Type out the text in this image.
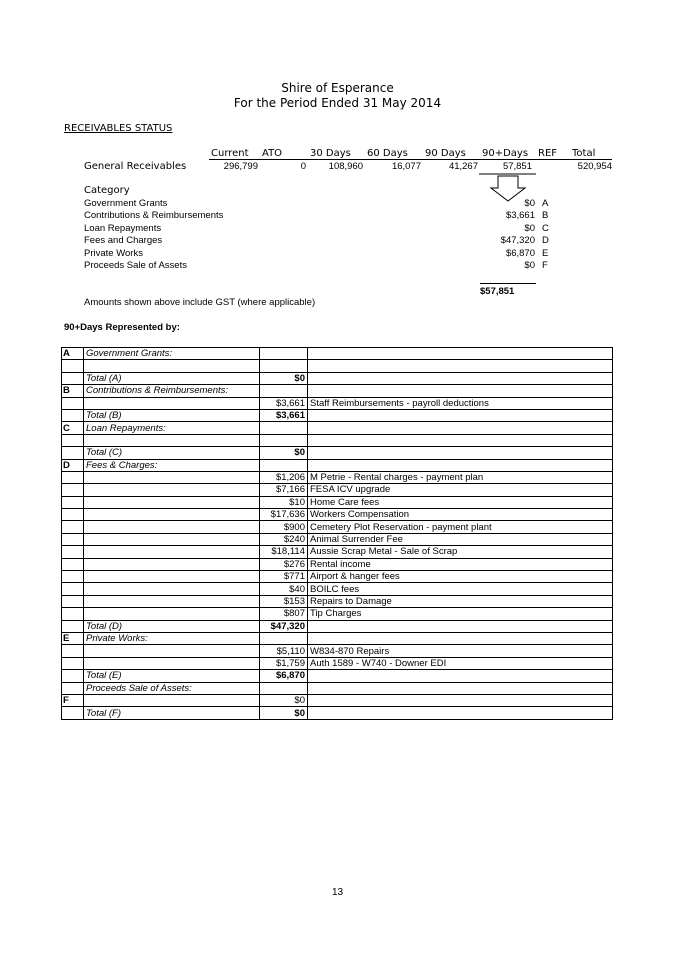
Shire of Esperance
For the Period Ended 31 May 2014
RECEIVABLES STATUS
Current ATO	30 Days 60 Days 90 Days 90+Days REF Total
General Receivables	296,799	0	108,960	16,077	41,267	57,851	520,954
Category
Government Grants	$0 A
Contributions & Reimbursements	$3,661 B
Loan Repayments	$0 C
Fees and Charges	$47,320 D
Private Works	$6,870 E
Proceeds Sale of Assets	$0 F
$57,851
Amounts shown above include GST (where applicable)
90+Days Represented by:
A	Government Grants:		

	Total (A)	$0	
B	Contributions & Reimbursements:		
		$3,661	Staff Reimbursements - payroll deductions
	Total (B)	$3,661	
C	Loan Repayments:		

	Total (C)	$0	
D	Fees & Charges:		
		$1,206	M Petrie - Rental charges - payment plan
		$7,166	FESA ICV upgrade
		$10	Home Care fees
		$17,636	Workers Compensation
		$900	Cemetery Plot Reservation - payment plant
		$240	Animal Surrender Fee
		$18,114	Aussie Scrap Metal - Sale of Scrap
		$276	Rental income
		$771	Airport & hanger fees
		$40	BOILC fees
		$153	Repairs to Damage
		$807	Tip Charges
	Total (D)	$47,320	
E	Private Works:		
		$5,110	W834-870 Repairs
		$1,759	Auth 1589 - W740 - Downer EDI
	Total (E)	$6,870	
	Proceeds Sale of Assets:		
F		$0	
	Total (F)	$0	
13
